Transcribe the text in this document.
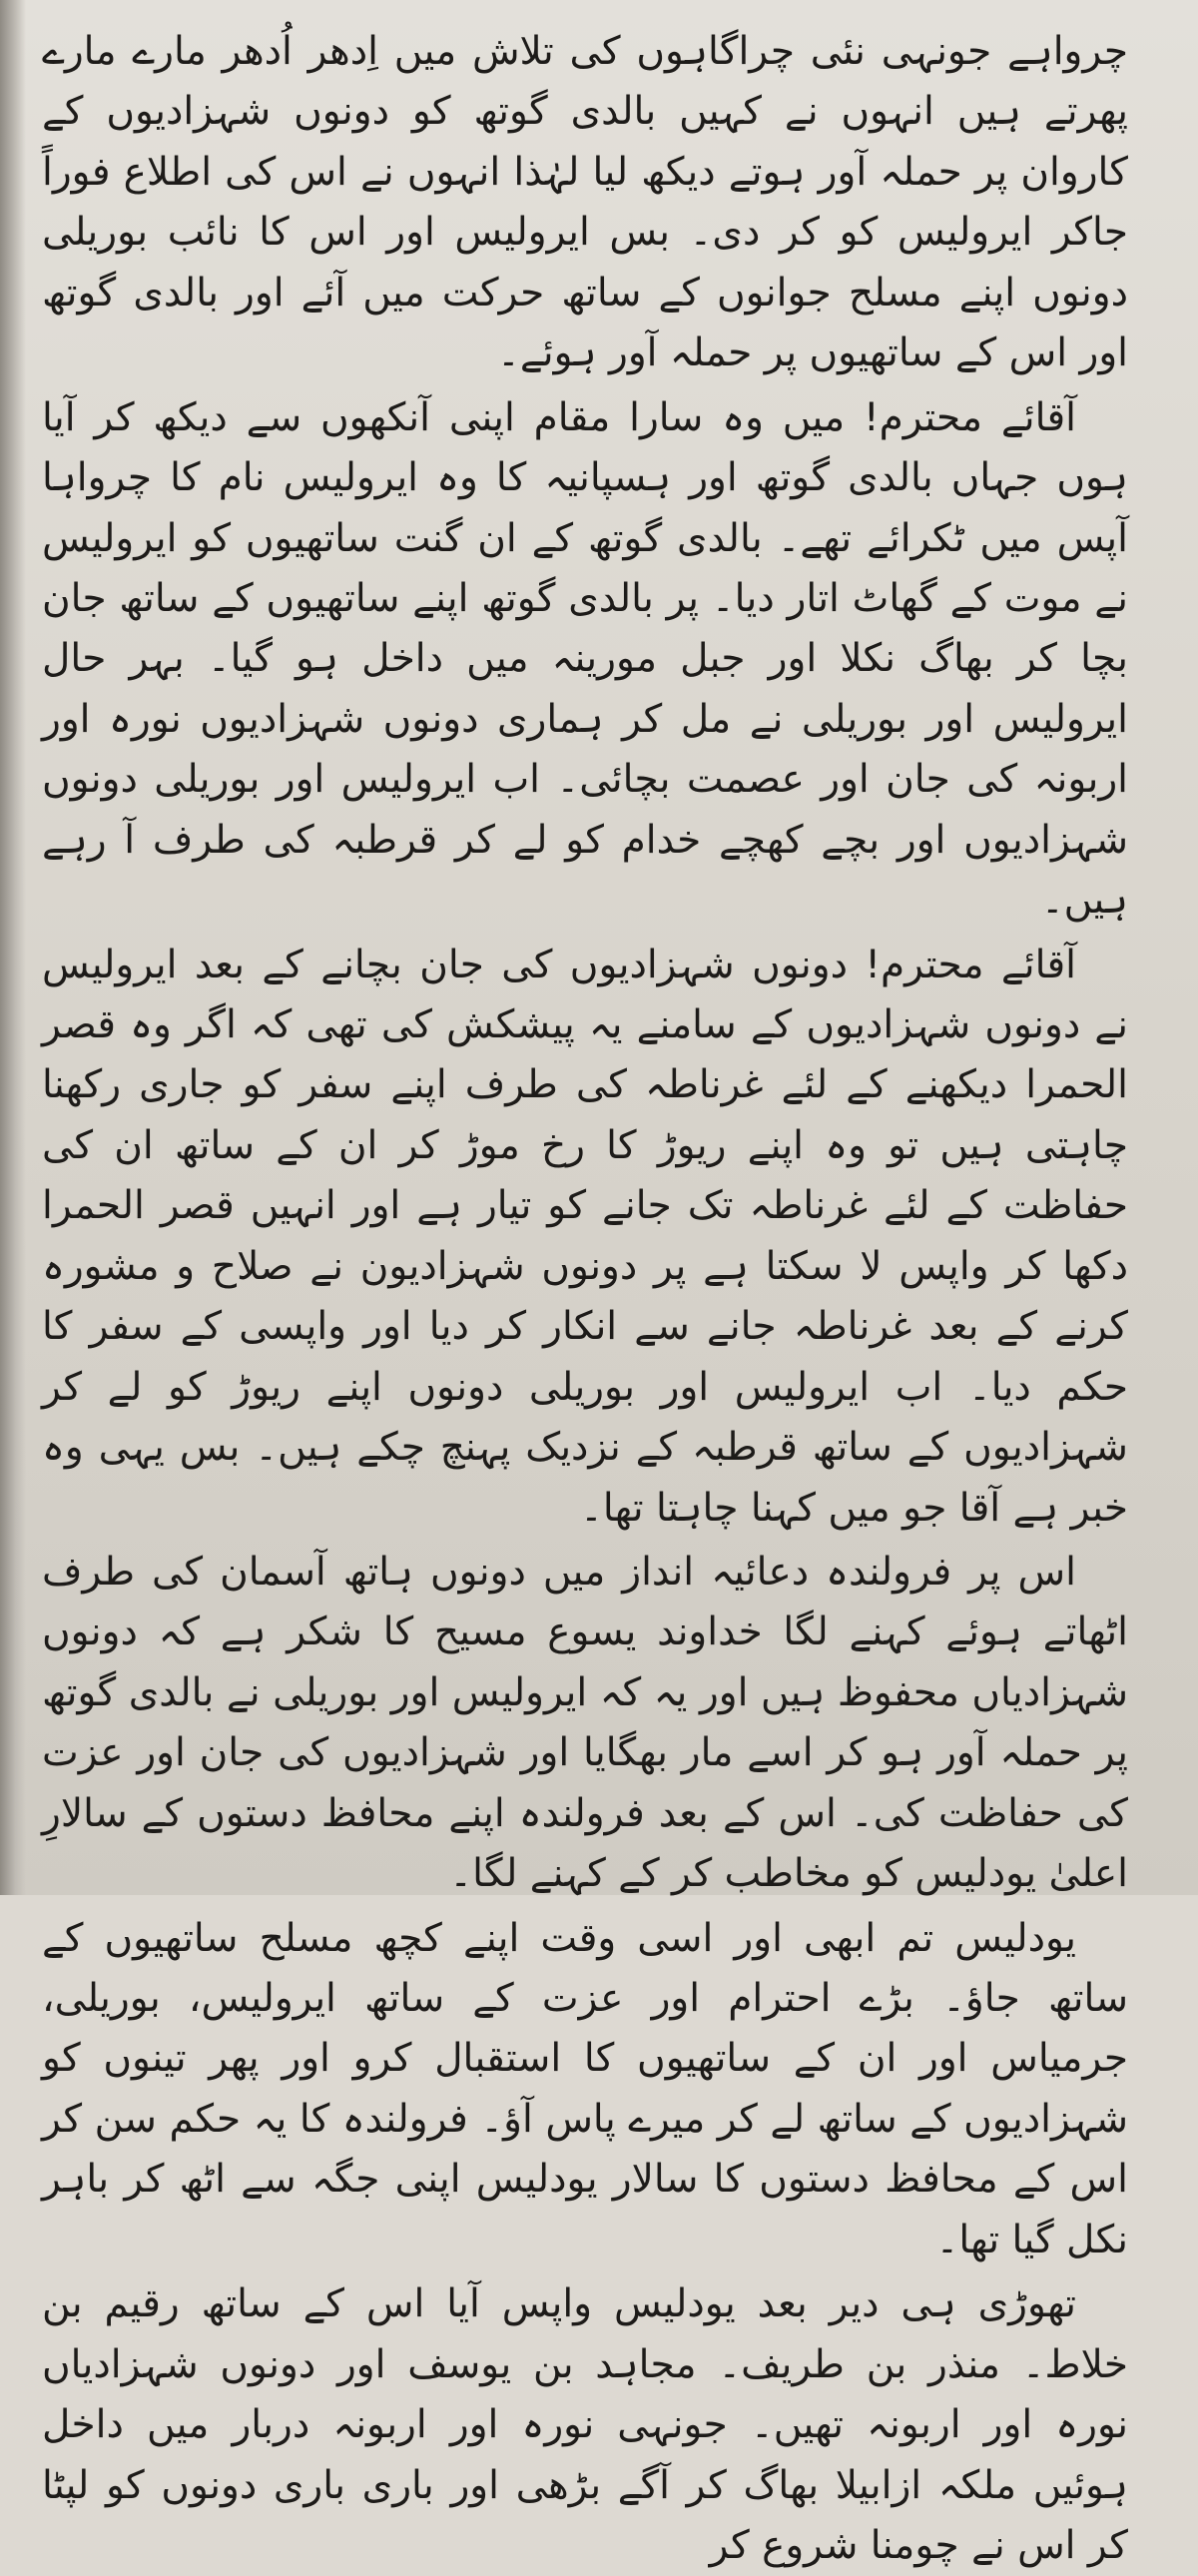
چرواہے جونہی نئی چراگاہوں کی تلاش میں اِدھر اُدھر مارے مارے پھرتے ہیں انہوں نے کہیں بالدی گوتھ کو دونوں شہزادیوں کے کاروان پر حملہ آور ہوتے دیکھ لیا لہٰذا انہوں نے اس کی اطلاع فوراً جاکر ایرولیس کو کر دی۔ بس ایرولیس اور اس کا نائب بوریلی دونوں اپنے مسلح جوانوں کے ساتھ حرکت میں آئے اور بالدی گوتھ اور اس کے ساتھیوں پر حملہ آور ہوئے۔

آقائے محترم! میں وہ سارا مقام اپنی آنکھوں سے دیکھ کر آیا ہوں جہاں بالدی گوتھ اور ہسپانیہ کا وہ ایرولیس نام کا چرواہا آپس میں ٹکرائے تھے۔ بالدی گوتھ کے ان گنت ساتھیوں کو ایرولیس نے موت کے گھاٹ اتار دیا۔ پر بالدی گوتھ اپنے ساتھیوں کے ساتھ جان بچا کر بھاگ نکلا اور جبل مورینہ میں داخل ہو گیا۔ بہر حال ایرولیس اور بوریلی نے مل کر ہماری دونوں شہزادیوں نورہ اور اربونہ کی جان اور عصمت بچائی۔ اب ایرولیس اور بوریلی دونوں شہزادیوں اور بچے کھچے خدام کو لے کر قرطبہ کی طرف آ رہے ہیں۔

آقائے محترم! دونوں شہزادیوں کی جان بچانے کے بعد ایرولیس نے دونوں شہزادیوں کے سامنے یہ پیشکش کی تھی کہ اگر وہ قصر الحمرا دیکھنے کے لئے غرناطہ کی طرف اپنے سفر کو جاری رکھنا چاہتی ہیں تو وہ اپنے ریوڑ کا رخ موڑ کر ان کے ساتھ ان کی حفاظت کے لئے غرناطہ تک جانے کو تیار ہے اور انہیں قصر الحمرا دکھا کر واپس لا سکتا ہے پر دونوں شہزادیون نے صلاح و مشورہ کرنے کے بعد غرناطہ جانے سے انکار کر دیا اور واپسی کے سفر کا حکم دیا۔ اب ایرولیس اور بوریلی دونوں اپنے ریوڑ کو لے کر شہزادیوں کے ساتھ قرطبہ کے نزدیک پہنچ چکے ہیں۔ بس یہی وہ خبر ہے آقا جو میں کہنا چاہتا تھا۔

اس پر فرولندہ دعائیہ انداز میں دونوں ہاتھ آسمان کی طرف اٹھاتے ہوئے کہنے لگا خداوند یسوع مسیح کا شکر ہے کہ دونوں شہزادیاں محفوظ ہیں اور یہ کہ ایرولیس اور بوریلی نے بالدی گوتھ پر حملہ آور ہو کر اسے مار بھگایا اور شہزادیوں کی جان اور عزت کی حفاظت کی۔ اس کے بعد فرولندہ اپنے محافظ دستوں کے سالارِ اعلیٰ یودلیس کو مخاطب کر کے کہنے لگا۔

یودلیس تم ابھی اور اسی وقت اپنے کچھ مسلح ساتھیوں کے ساتھ جاؤ۔ بڑے احترام اور عزت کے ساتھ ایرولیس، بوریلی، جرمیاس اور ان کے ساتھیوں کا استقبال کرو اور پھر تینوں کو شہزادیوں کے ساتھ لے کر میرے پاس آؤ۔ فرولندہ کا یہ حکم سن کر اس کے محافظ دستوں کا سالار یودلیس اپنی جگہ سے اٹھ کر باہر نکل گیا تھا۔

تھوڑی ہی دیر بعد یودلیس واپس آیا اس کے ساتھ رقیم بن خلاط۔ منذر بن طریف۔ مجاہد بن یوسف اور دونوں شہزادیاں نورہ اور اربونہ تھیں۔ جونہی نورہ اور اربونہ دربار میں داخل ہوئیں ملکہ ازابیلا بھاگ کر آگے بڑھی اور باری باری دونوں کو لپٹا کر اس نے چومنا شروع کر
